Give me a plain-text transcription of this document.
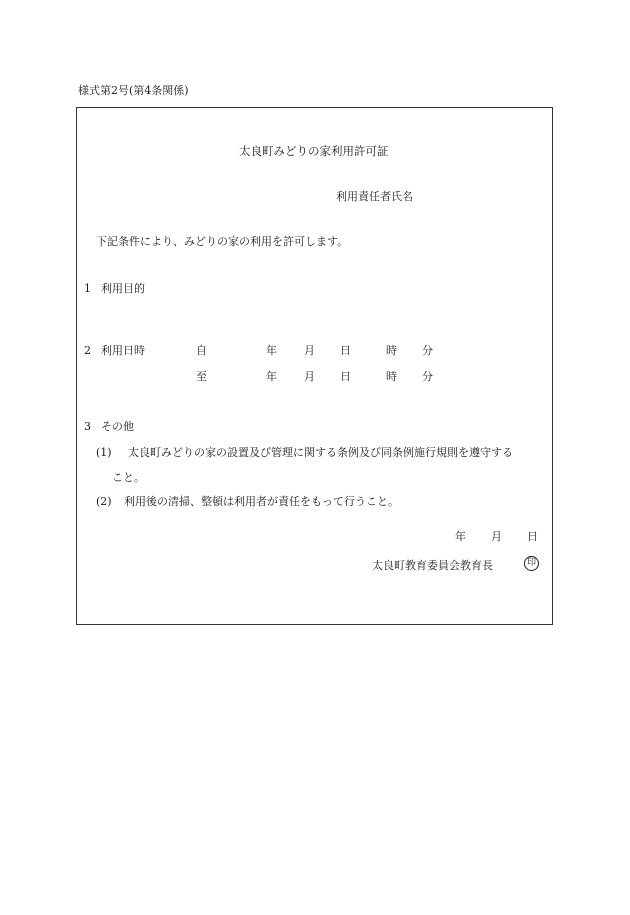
様式第2号(第4条関係)
太良町みどりの家利用許可証
利用責任者氏名
下記条件により、みどりの家の利用を許可します。
1 利用目的
2 利用日時	自	年 月 日	時 分
至	年 月 日	時 分
3 その他
(1) 太良町みどりの家の設置及び管理に関する条例及び同条例施行規則を遵守する
こと。
(2) 利用後の清掃、整頓は利用者が責任をもって行うこと。
年 月 日
太良町教育委員会教育長	印
